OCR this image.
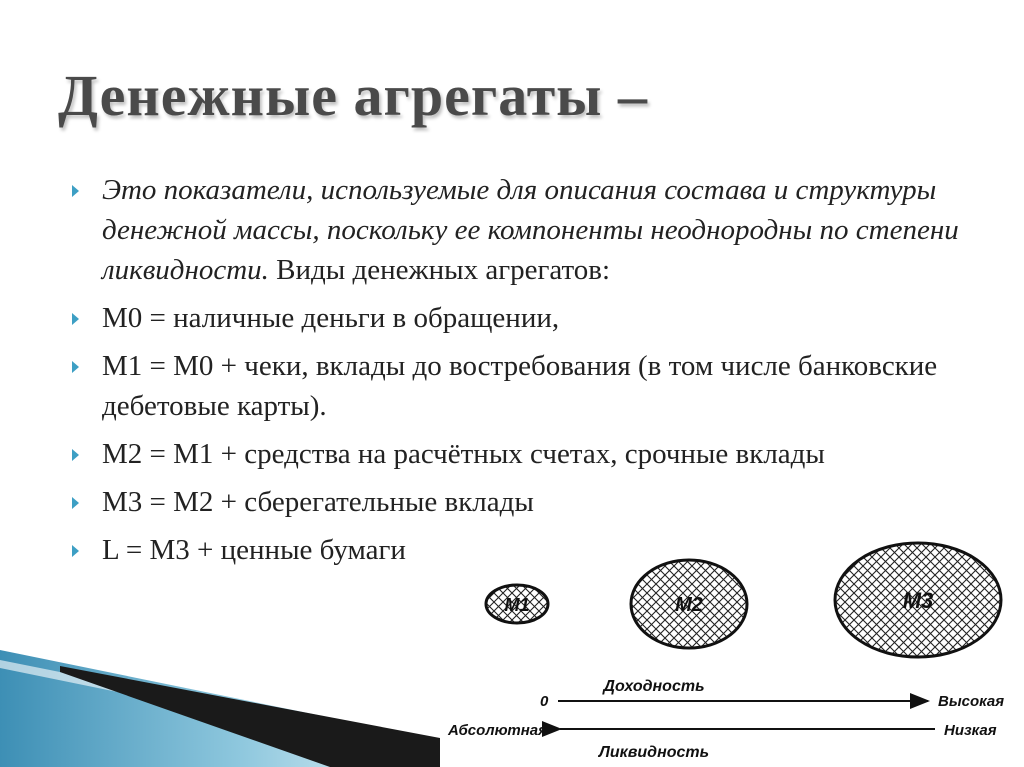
Денежные агрегаты –
Это показатели, используемые для описания состава и структуры денежной массы, поскольку ее компоненты неоднородны по степени ликвидности. Виды денежных агрегатов:
М0 = наличные деньги в обращении,
М1 = М0 + чеки, вклады до востребования (в том числе банковские дебетовые карты).
М2 = М1 + средства на расчётных счетах, срочные вклады
М3 = М2 + сберегательные вклады
L = М3 + ценные бумаги
M1	M2	M3
Доходность
0	Высокая
Абсолютная	Низкая
Ликвидность
